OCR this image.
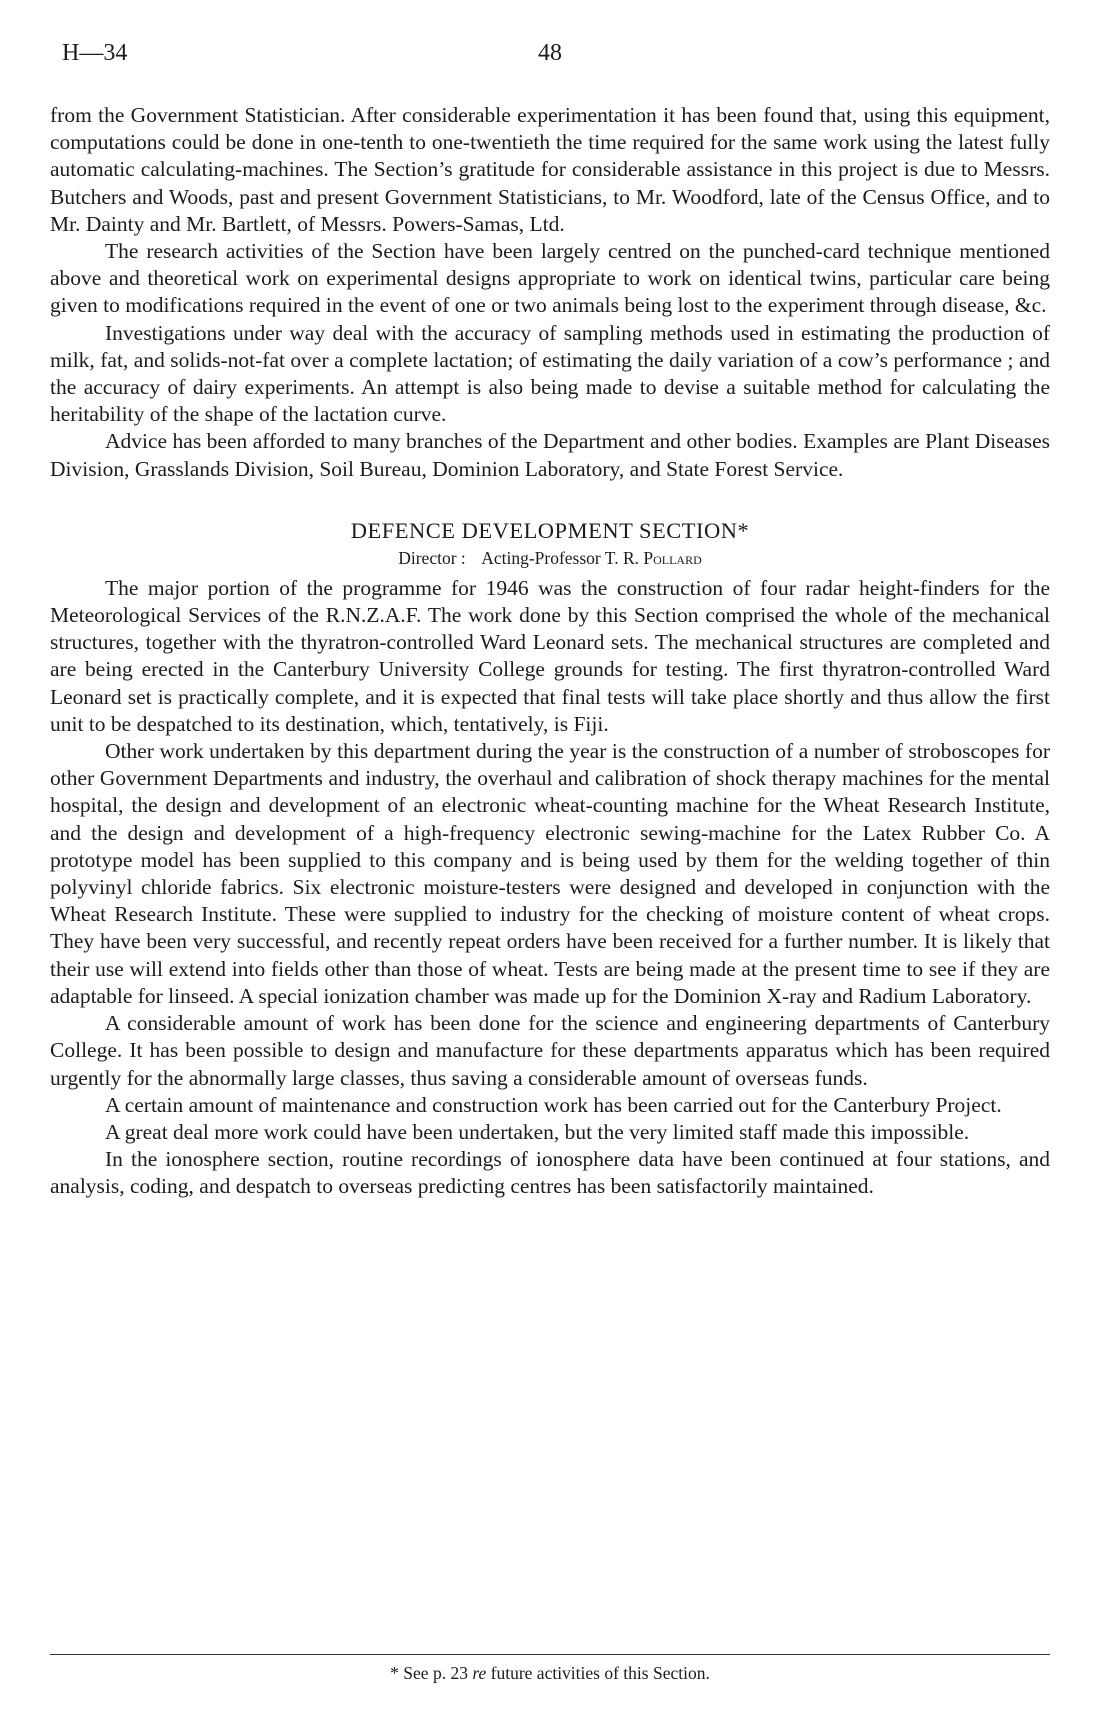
H—34	48

from the Government Statistician. After considerable experimentation it has been found that, using this equipment, computations could be done in one-tenth to one-twentieth the time required for the same work using the latest fully automatic calculating-machines. The Section’s gratitude for considerable assistance in this project is due to Messrs. Butchers and Woods, past and present Government Statisticians, to Mr. Woodford, late of the Census Office, and to Mr. Dainty and Mr. Bartlett, of Messrs. Powers-Samas, Ltd.

The research activities of the Section have been largely centred on the punched-card technique mentioned above and theoretical work on experimental designs appropriate to work on identical twins, particular care being given to modifications required in the event of one or two animals being lost to the experiment through disease, &c.

Investigations under way deal with the accuracy of sampling methods used in estimating the production of milk, fat, and solids-not-fat over a complete lactation; of estimating the daily variation of a cow’s performance ; and the accuracy of dairy experiments. An attempt is also being made to devise a suitable method for calculating the heritability of the shape of the lactation curve.

Advice has been afforded to many branches of the Department and other bodies. Examples are Plant Diseases Division, Grasslands Division, Soil Bureau, Dominion Laboratory, and State Forest Service.

DEFENCE DEVELOPMENT SECTION*

Director : Acting-Professor T. R. Pollard

The major portion of the programme for 1946 was the construction of four radar height-finders for the Meteorological Services of the R.N.Z.A.F. The work done by this Section comprised the whole of the mechanical structures, together with the thyratron-controlled Ward Leonard sets. The mechanical structures are completed and are being erected in the Canterbury University College grounds for testing. The first thyratron-controlled Ward Leonard set is practically complete, and it is expected that final tests will take place shortly and thus allow the first unit to be despatched to its destination, which, tentatively, is Fiji.

Other work undertaken by this department during the year is the construction of a number of stroboscopes for other Government Departments and industry, the overhaul and calibration of shock therapy machines for the mental hospital, the design and development of an electronic wheat-counting machine for the Wheat Research Institute, and the design and development of a high-frequency electronic sewing-machine for the Latex Rubber Co. A prototype model has been supplied to this company and is being used by them for the welding together of thin polyvinyl chloride fabrics. Six electronic moisture-testers were designed and developed in conjunction with the Wheat Research Institute. These were supplied to industry for the checking of moisture content of wheat crops. They have been very successful, and recently repeat orders have been received for a further number. It is likely that their use will extend into fields other than those of wheat. Tests are being made at the present time to see if they are adaptable for linseed. A special ionization chamber was made up for the Dominion X-ray and Radium Laboratory.

A considerable amount of work has been done for the science and engineering departments of Canterbury College. It has been possible to design and manufacture for these departments apparatus which has been required urgently for the abnormally large classes, thus saving a considerable amount of overseas funds.

A certain amount of maintenance and construction work has been carried out for the Canterbury Project.

A great deal more work could have been undertaken, but the very limited staff made this impossible.

In the ionosphere section, routine recordings of ionosphere data have been continued at four stations, and analysis, coding, and despatch to overseas predicting centres has been satisfactorily maintained.

* See p. 23 re future activities of this Section.
